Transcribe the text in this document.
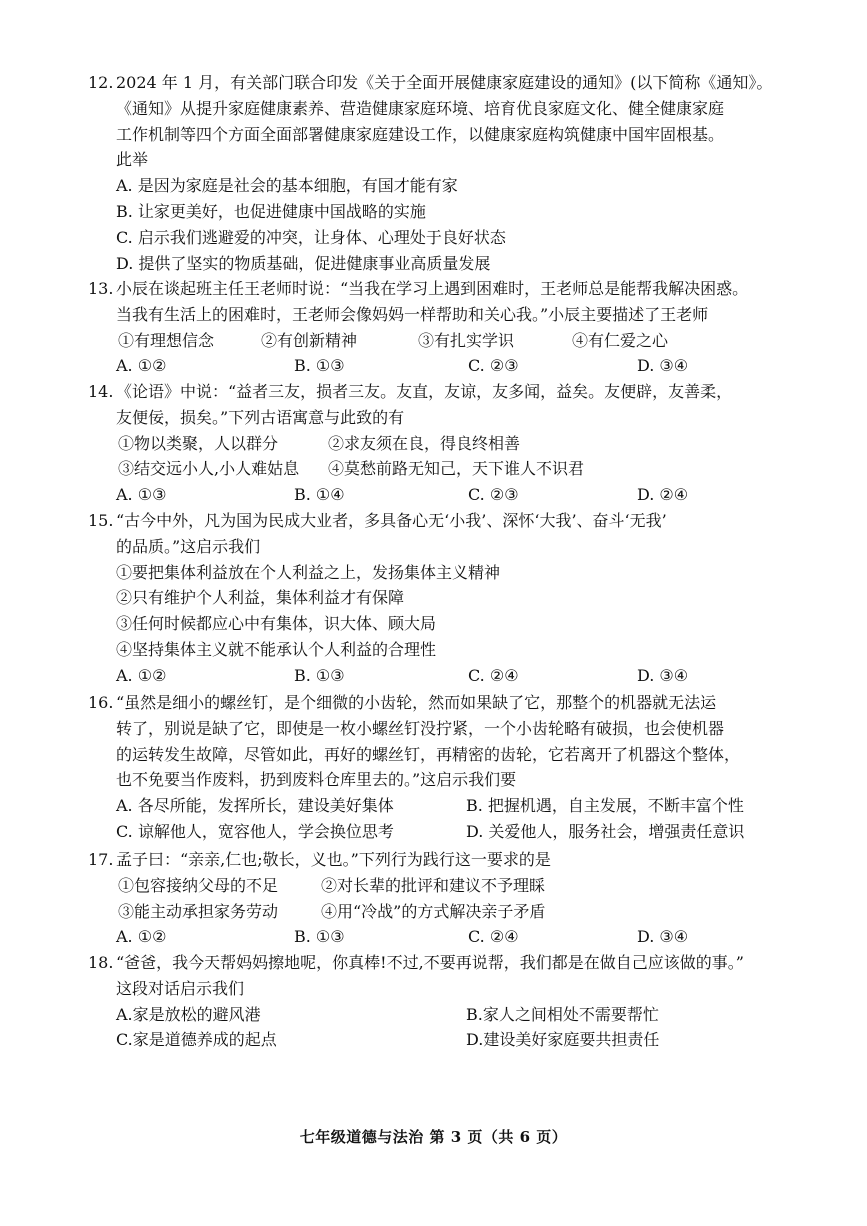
12. 2024 年 1 月，有关部门联合印发《关于全面开展健康家庭建设的通知》(以下简称《通知》。
《通知》从提升家庭健康素养、营造健康家庭环境、培育优良家庭文化、健全健康家庭
工作机制等四个方面全面部署健康家庭建设工作，以健康家庭构筑健康中国牢固根基。
此举
A. 是因为家庭是社会的基本细胞，有国才能有家
B. 让家更美好，也促进健康中国战略的实施
C. 启示我们逃避爱的冲突，让身体、心理处于良好状态
D. 提供了坚实的物质基础，促进健康事业高质量发展
13. 小辰在谈起班主任王老师时说：“当我在学习上遇到困难时，王老师总是能帮我解决困惑。
当我有生活上的困难时，王老师会像妈妈一样帮助和关心我。”小辰主要描述了王老师
①有理想信念	②有创新精神	③有扎实学识	④有仁爱之心
A. ①②	B. ①③	C. ②③	D. ③④
14. 《论语》中说：“益者三友，损者三友。友直，友谅，友多闻，益矣。友便辟，友善柔，
友便佞，损矣。”下列古语寓意与此致的有
①物以类聚，人以群分	②求友须在良，得良终相善
③结交远小人,小人难姑息 ④莫愁前路无知己，天下谁人不识君
A. ①③	B. ①④	C. ②③	D. ②④
15. “古今中外，凡为国为民成大业者，多具备心无‘小我’、深怀‘大我’、奋斗‘无我’
的品质。”这启示我们
①要把集体利益放在个人利益之上，发扬集体主义精神
②只有维护个人利益，集体利益才有保障
③任何时候都应心中有集体，识大体、顾大局
④坚持集体主义就不能承认个人利益的合理性
A. ①②	B. ①③	C. ②④	D. ③④
16. “虽然是细小的螺丝钉，是个细微的小齿轮，然而如果缺了它，那整个的机器就无法运
转了，别说是缺了它，即使是一枚小螺丝钉没拧紧，一个小齿轮略有破损，也会使机器
的运转发生故障，尽管如此，再好的螺丝钉，再精密的齿轮，它若离开了机器这个整体，
也不免要当作废料，扔到废料仓库里去的。”这启示我们要
A. 各尽所能，发挥所长，建设美好集体	B. 把握机遇，自主发展，不断丰富个性
C. 谅解他人，宽容他人，学会换位思考	D. 关爱他人，服务社会，增强责任意识
17. 孟子曰：“亲亲,仁也;敬长，义也。”下列行为践行这一要求的是
①包容接纳父母的不足	②对长辈的批评和建议不予理睬
③能主动承担家务劳动	④用“冷战”的方式解决亲子矛盾
A. ①②	B. ①③	C. ②④	D. ③④
18. “爸爸，我今天帮妈妈擦地呢，你真棒!不过,不要再说帮，我们都是在做自己应该做的事。”
这段对话启示我们
A.家是放松的避风港	B.家人之间相处不需要帮忙
C.家是道德养成的起点	D.建设美好家庭要共担责任
七年级道德与法治 第 3 页（共 6 页）
